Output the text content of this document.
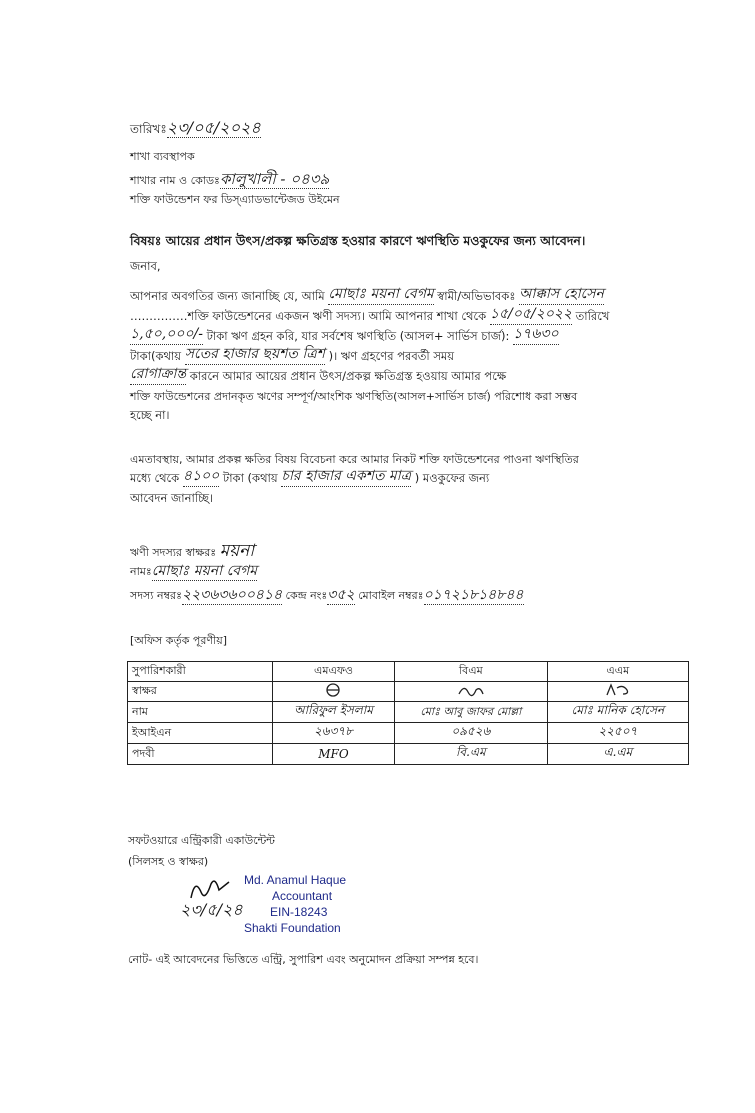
তারিখঃ২৩/০৫/২০২৪
শাখা ব্যবস্থাপক
শাখার নাম ও কোডঃকালুখালী - ০৪৩৯
শক্তি ফাউন্ডেশন ফর ডিস্‌এ্যাডভান্টেজড উইমেন
বিষয়ঃ আয়ের প্রধান উৎস/প্রকল্প ক্ষতিগ্রস্ত হওয়ার কারণে ঋণস্থিতি মওকুফের জন্য আবেদন।
জনাব,
আপনার অবগতির জন্য জানাচ্ছি যে, আমি মোছাঃ ময়না বেগম স্বামী/অভিভাবকঃ আক্কাস হোসেন
……………শক্তি ফাউন্ডেশনের একজন ঋণী সদস্য। আমি আপনার শাখা থেকে ১৫/০৫/২০২২ তারিখে
১,৫০,০০০/- টাকা ঋণ গ্রহন করি, যার সর্বশেষ ঋণস্থিতি (আসল+ সার্ভিস চার্জ): ১৭৬৩০
টাকা(কথায় সতের হাজার ছয়শত ত্রিশ )। ঋণ গ্রহণের পরবর্তী সময়
রোগাক্রান্ত কারনে আমার আয়ের প্রধান উৎস/প্রকল্প ক্ষতিগ্রস্ত হওয়ায় আমার পক্ষে
শক্তি ফাউন্ডেশনের প্রদানকৃত ঋণের সম্পূর্ণ/আংশিক ঋণস্থিতি(আসল+সার্ভিস চার্জ) পরিশোধ করা সম্ভব
হচ্ছে না।
এমতাবস্থায়, আমার প্রকল্প ক্ষতির বিষয় বিবেচনা করে আমার নিকট শক্তি ফাউন্ডেশনের পাওনা ঋণস্থিতির
মধ্যে থেকে ৪১০০ টাকা (কথায় চার হাজার একশত মাত্র ) মওকুফের জন্য
আবেদন জানাচ্ছি।
ঋণী সদস্যর স্বাক্ষরঃ ময়না
নামঃমোছাঃ ময়না বেগম
সদস্য নম্বরঃ২২৩৬৩৬০০৪১৪ কেন্দ্র নংঃ৩৫২ মোবাইল নম্বরঃ০১৭২১৮১৪৮৪৪
[অফিস কর্তৃক পূরণীয়]
সুপারিশকারী	এমএফও	বিএম	এএম
স্বাক্ষর			
নাম	আরিফুল ইসলাম	মোঃ আবু জাফর মোল্লা	মোঃ মানিক হোসেন
ইআইএন	২৬৩৭৮	০৯৫২৬	২২৫০৭
পদবী	MFO	বি.এম	এ.এম
সফটওয়ারে এন্ট্রিকারী একাউন্টেন্ট
(সিলসহ ও স্বাক্ষর)
২৩/৫/২৪
Md. Anamul Haque
Accountant
EIN-18243
Shakti Foundation
নোট- এই আবেদনের ভিত্তিতে এন্ট্রি, সুপারিশ এবং অনুমোদন প্রক্রিয়া সম্পন্ন হবে।
